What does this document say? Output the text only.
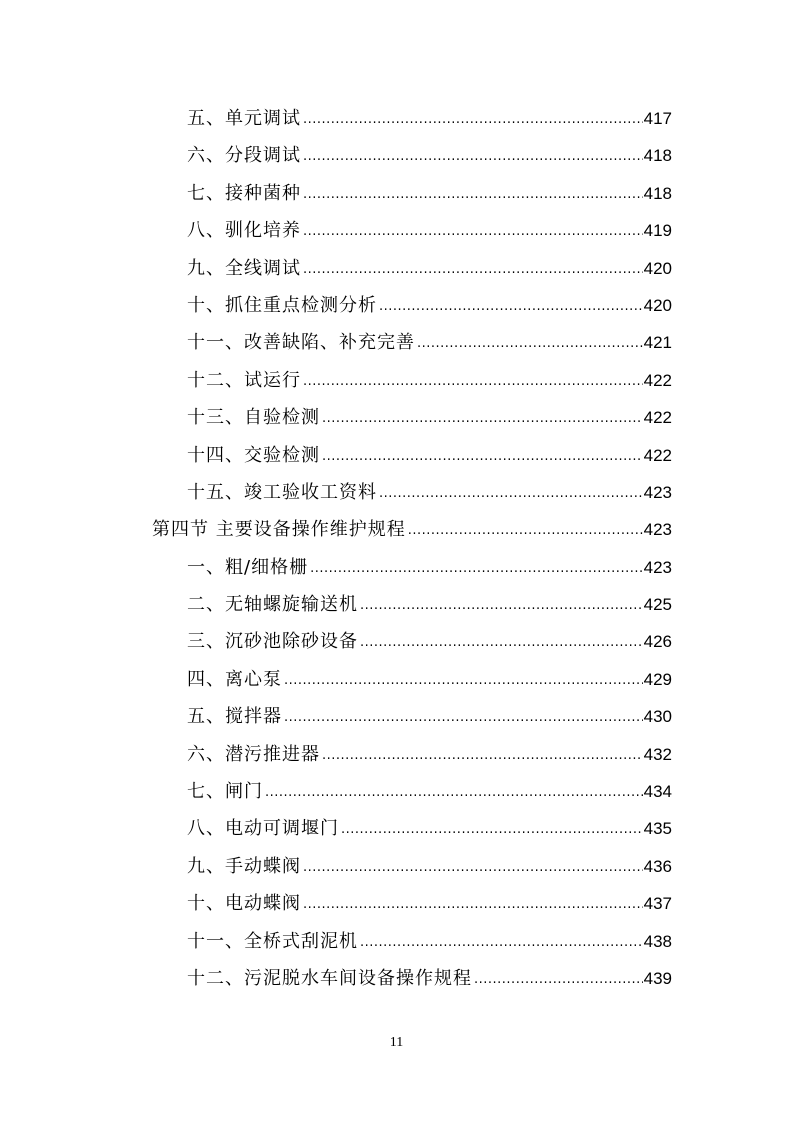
五、单元调试 .....	417
六、分段调试 .....	418
七、接种菌种 .....	418
八、驯化培养 .....	419
九、全线调试 .....	420
十、抓住重点检测分析 .....	420
十一、改善缺陷、补充完善 .....	421
十二、试运行 .....	422
十三、自验检测 .....	422
十四、交验检测 .....	422
十五、竣工验收工资料 .....	423
第四节 主要设备操作维护规程 .....	423
一、粗/细格栅 .....	423
二、无轴螺旋输送机 .....	425
三、沉砂池除砂设备 .....	426
四、离心泵 .....	429
五、搅拌器 .....	430
六、潜污推进器 .....	432
七、闸门 .....	434
八、电动可调堰门 .....	435
九、手动蝶阀 .....	436
十、电动蝶阀 .....	437
十一、全桥式刮泥机 .....	438
十二、污泥脱水车间设备操作规程 .....	439
11
